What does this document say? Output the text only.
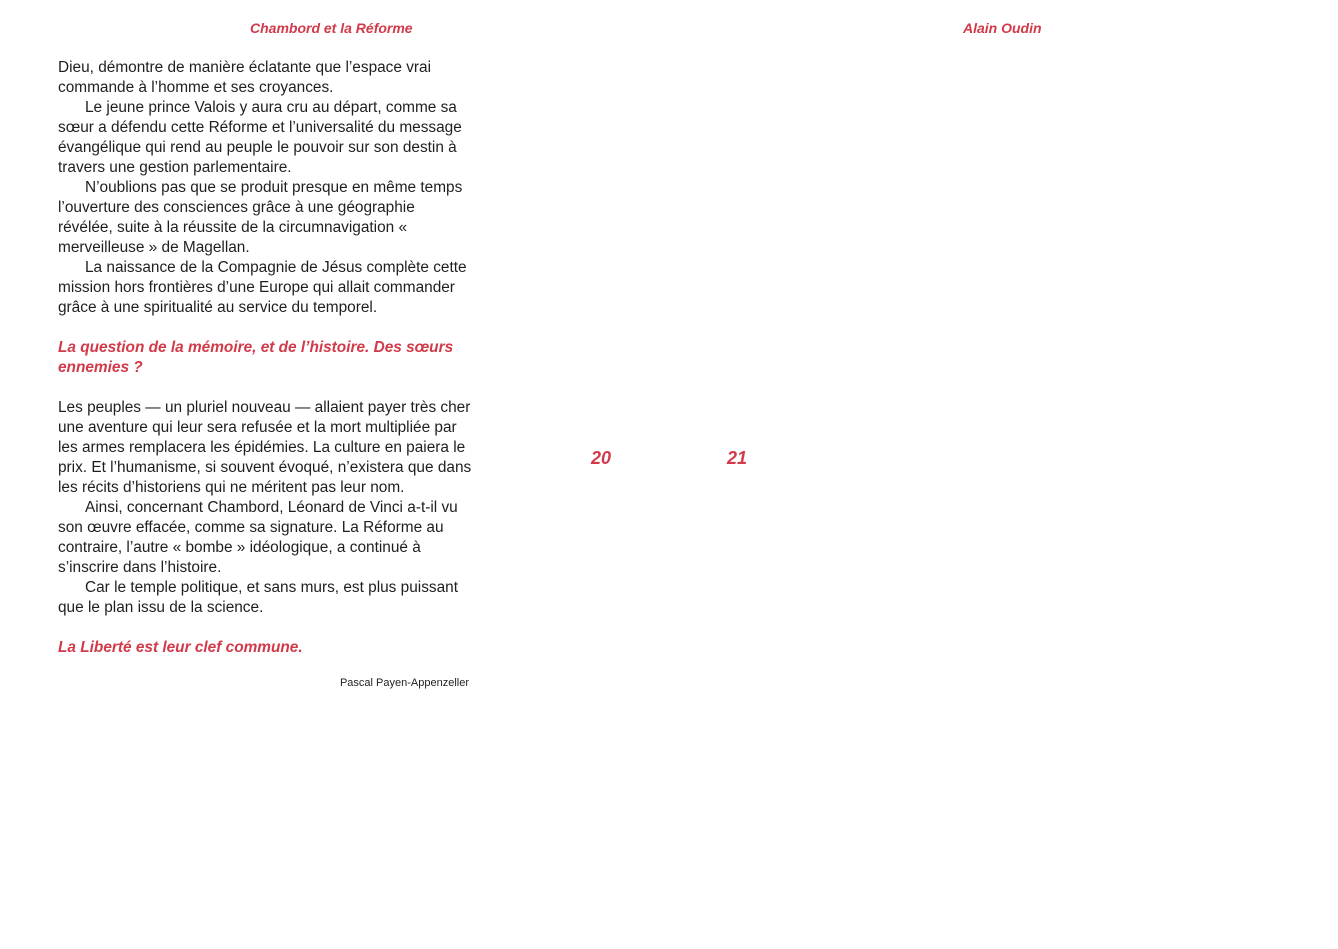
Chambord et la Réforme	Alain Oudin

Dieu, démontre de manière éclatante que l’espace vrai commande à l’homme et ses croyances.

Le jeune prince Valois y aura cru au départ, comme sa sœur a défendu cette Réforme et l’universalité du message évangélique qui rend au peuple le pouvoir sur son destin à travers une gestion parlementaire.

N’oublions pas que se produit presque en même temps l’ouverture des consciences grâce à une géographie révélée, suite à la réussite de la circumnavigation « merveilleuse » de Magellan.

La naissance de la Compagnie de Jésus complète cette mission hors frontières d’une Europe qui allait commander grâce à une spiritualité au service du temporel.

La question de la mémoire, et de l’histoire. Des sœurs ennemies ?

Les peuples — un pluriel nouveau — allaient payer très cher une aventure qui leur sera refusée et la mort multipliée par les armes remplacera les épidémies. La culture en paiera le prix. Et l’humanisme, si souvent évoqué, n’existera que dans les récits d’historiens qui ne méritent pas leur nom.

Ainsi, concernant Chambord, Léonard de Vinci a-t-il vu son œuvre effacée, comme sa signature. La Réforme au contraire, l’autre « bombe » idéologique, a continué à s’inscrire dans l’histoire.

Car le temple politique, et sans murs, est plus puissant que le plan issu de la science.

La Liberté est leur clef commune.

Pascal Payen-Appenzeller
20	21
